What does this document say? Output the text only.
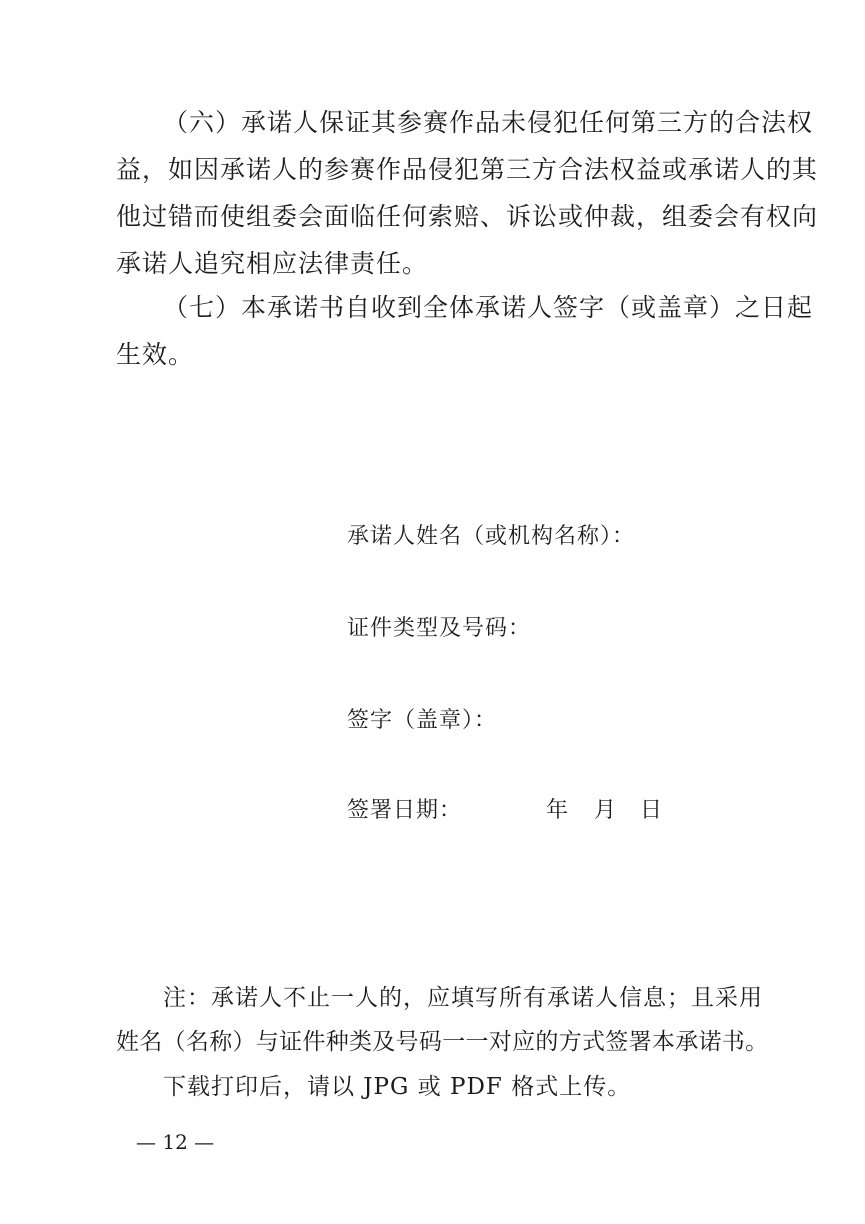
（六）承诺人保证其参赛作品未侵犯任何第三方的合法权
益，如因承诺人的参赛作品侵犯第三方合法权益或承诺人的其
他过错而使组委会面临任何索赔、诉讼或仲裁，组委会有权向
承诺人追究相应法律责任。
（七）本承诺书自收到全体承诺人签字（或盖章）之日起
生效。
承诺人姓名（或机构名称）：
证件类型及号码：
签字（盖章）：
签署日期：	年 月 日
注：承诺人不止一人的，应填写所有承诺人信息；且采用
姓名（名称）与证件种类及号码一一对应的方式签署本承诺书。
下载打印后，请以 JPG 或 PDF 格式上传。
— 12 —
